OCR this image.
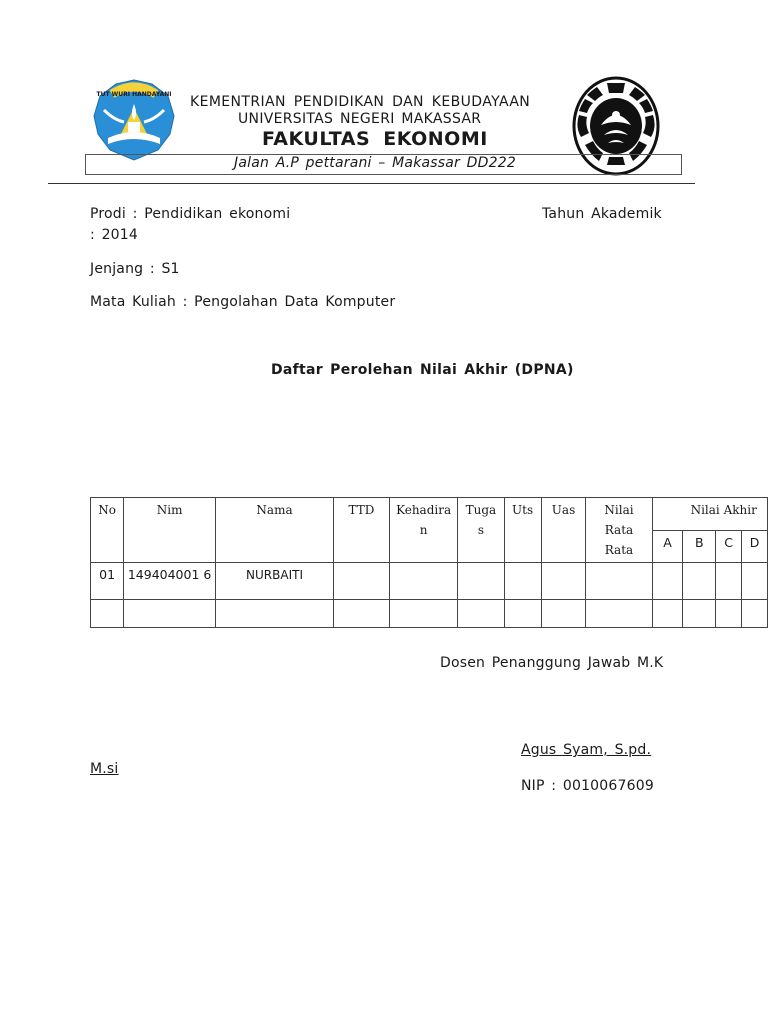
TUT WURI HANDAYANI KEMENTRIAN PENDIDIKAN DAN KEBUDAYAAN
UNIVERSITAS NEGERI MAKASSAR
FAKULTAS EKONOMI
Jalan A.P pettarani – Makassar DD222
Prodi : Pendidikan ekonomi	Tahun Akademik
: 2014
Jenjang : S1
Mata Kuliah : Pengolahan Data Komputer
Daftar Perolehan Nilai Akhir (DPNA)
No	Nim	Nama	TTD	Kehadira n	Tuga s	Uts	Uas	Nilai Rata Rata	Nilai Akhir			
									A	B	C	D
01	149404001 6	NURBAITI										

Dosen Penanggung Jawab M.K
Agus Syam, S.pd.
M.si
NIP : 0010067609
